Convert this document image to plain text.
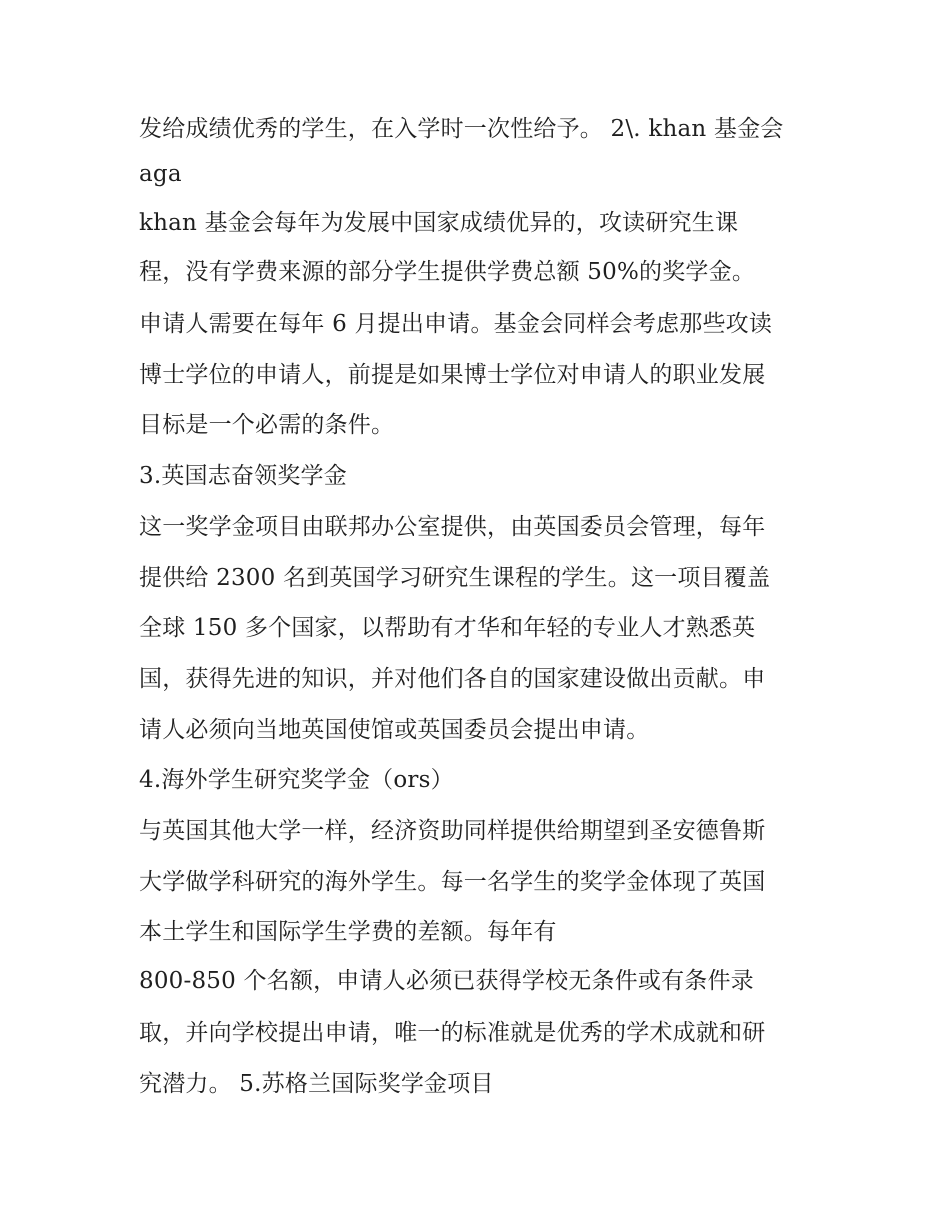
发给成绩优秀的学生，在入学时一次性给予。 2\. khan 基金会

aga

khan 基金会每年为发展中国家成绩优异的，攻读研究生课

程，没有学费来源的部分学生提供学费总额 50%的奖学金。

申请人需要在每年 6 月提出申请。基金会同样会考虑那些攻读

博士学位的申请人，前提是如果博士学位对申请人的职业发展

目标是一个必需的条件。

3.英国志奋领奖学金

这一奖学金项目由联邦办公室提供，由英国委员会管理，每年

提供给 2300 名到英国学习研究生课程的学生。这一项目覆盖

全球 150 多个国家，以帮助有才华和年轻的专业人才熟悉英

国，获得先进的知识，并对他们各自的国家建设做出贡献。申

请人必须向当地英国使馆或英国委员会提出申请。

4.海外学生研究奖学金（ors）

与英国其他大学一样，经济资助同样提供给期望到圣安德鲁斯

大学做学科研究的海外学生。每一名学生的奖学金体现了英国

本土学生和国际学生学费的差额。每年有

800-850 个名额，申请人必须已获得学校无条件或有条件录

取，并向学校提出申请，唯一的标准就是优秀的学术成就和研

究潜力。 5.苏格兰国际奖学金项目
